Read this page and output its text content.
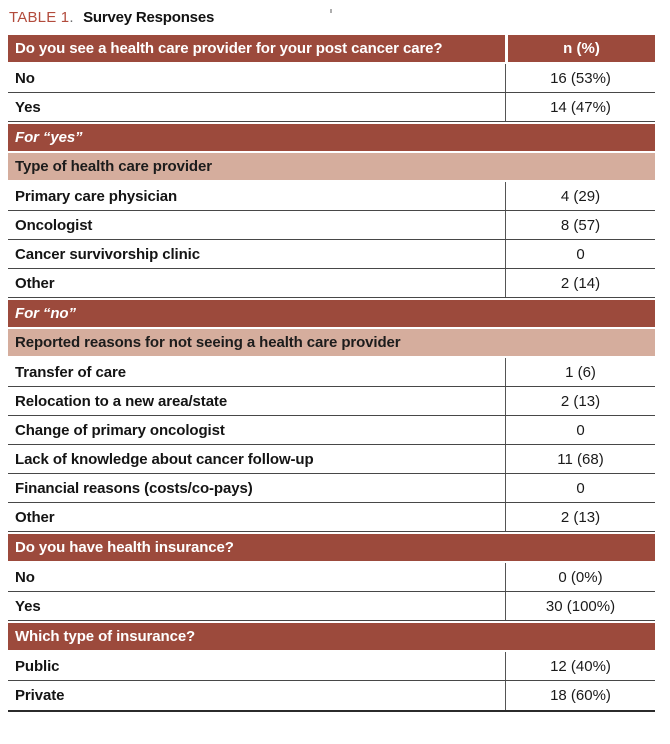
TABLE 1. Survey Responses
Do you see a health care provider for your post cancer care?	n (%)
No	16 (53%)
Yes	14 (47%)
For “yes”
Type of health care provider
Primary care physician	4 (29)
Oncologist	8 (57)
Cancer survivorship clinic	0
Other	2 (14)
For “no”
Reported reasons for not seeing a health care provider
Transfer of care	1 (6)
Relocation to a new area/state	2 (13)
Change of primary oncologist	0
Lack of knowledge about cancer follow-up	11 (68)
Financial reasons (costs/co-pays)	0
Other	2 (13)
Do you have health insurance?
No	0 (0%)
Yes	30 (100%)
Which type of insurance?
Public	12 (40%)
Private	18 (60%)
